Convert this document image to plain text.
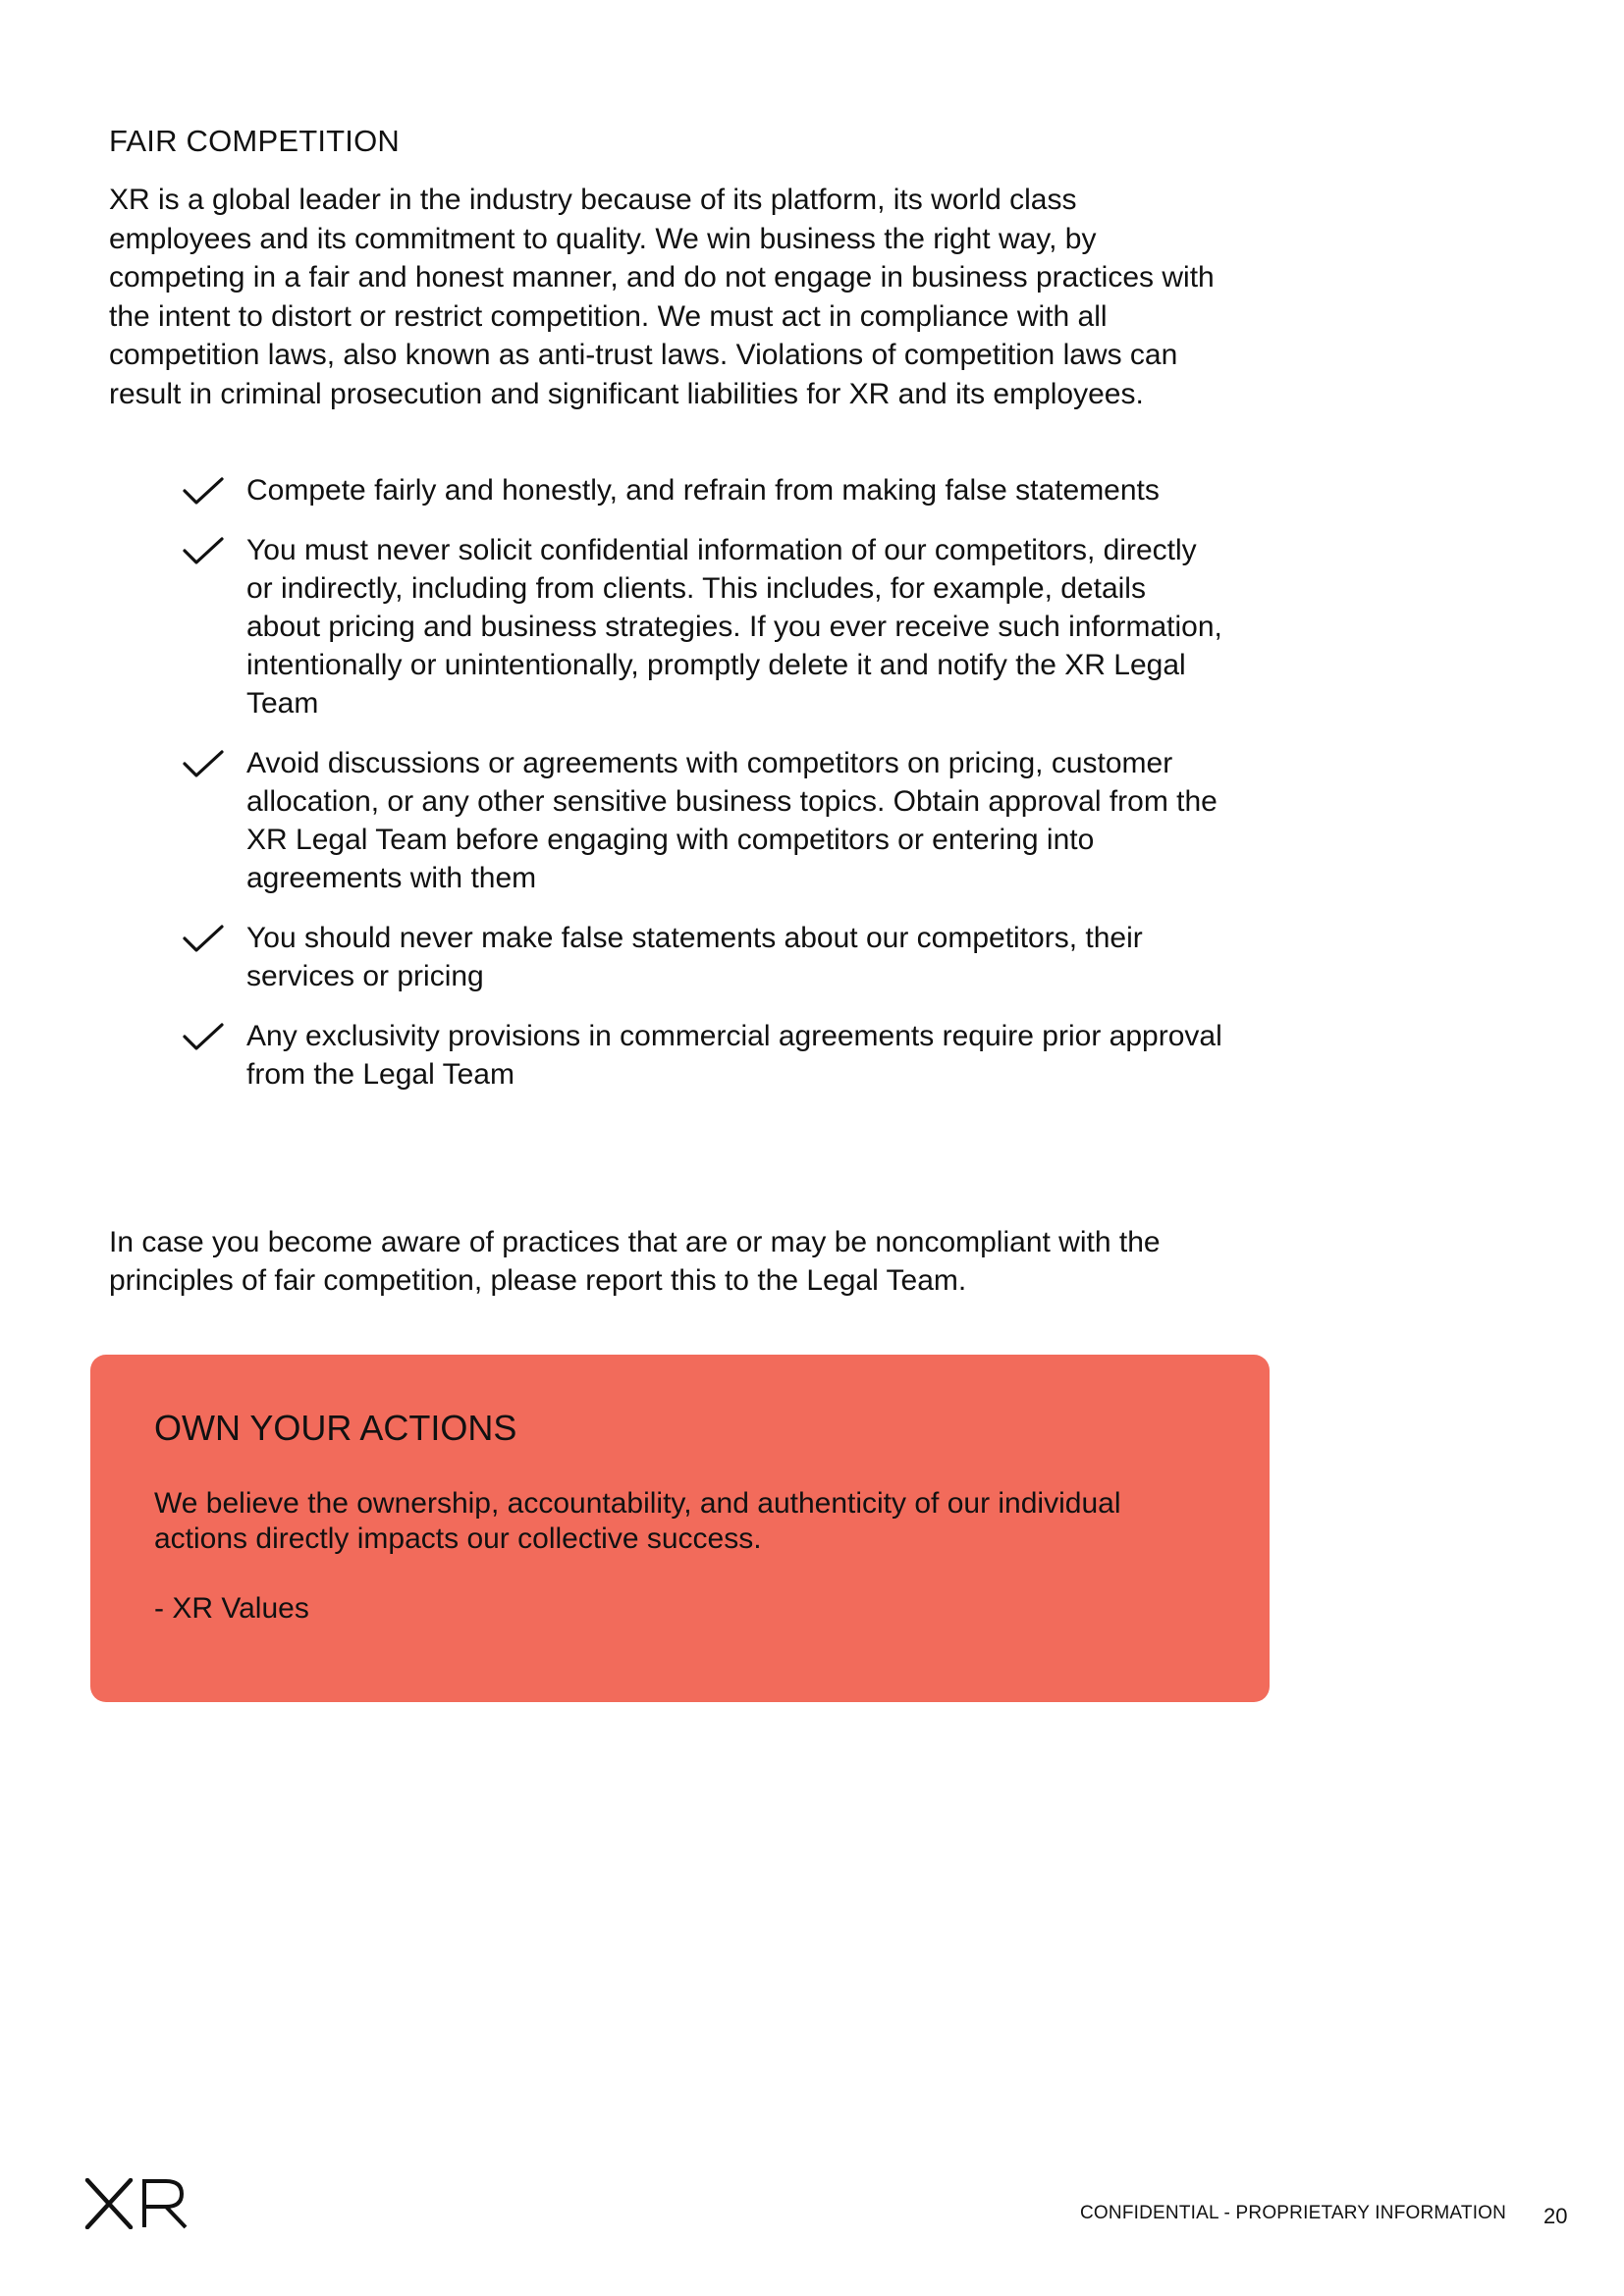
FAIR COMPETITION

XR is a global leader in the industry because of its platform, its world class employees and its commitment to quality. We win business the right way, by competing in a fair and honest manner, and do not engage in business practices with the intent to distort or restrict competition. We must act in compliance with all competition laws, also known as anti-trust laws. Violations of competition laws can result in criminal prosecution and significant liabilities for XR and its employees.

Compete fairly and honestly, and refrain from making false statements
You must never solicit confidential information of our competitors, directly or indirectly, including from clients. This includes, for example, details about pricing and business strategies. If you ever receive such information, intentionally or unintentionally, promptly delete it and notify the XR Legal Team
Avoid discussions or agreements with competitors on pricing, customer allocation, or any other sensitive business topics. Obtain approval from the XR Legal Team before engaging with competitors or entering into agreements with them
You should never make false statements about our competitors, their services or pricing
Any exclusivity provisions in commercial agreements require prior approval from the Legal Team

In case you become aware of practices that are or may be noncompliant with the principles of fair competition, please report this to the Legal Team.

OWN YOUR ACTIONS

We believe the ownership, accountability, and authenticity of our individual actions directly impacts our collective success.

- XR Values

CONFIDENTIAL - PROPRIETARY INFORMATION 20
